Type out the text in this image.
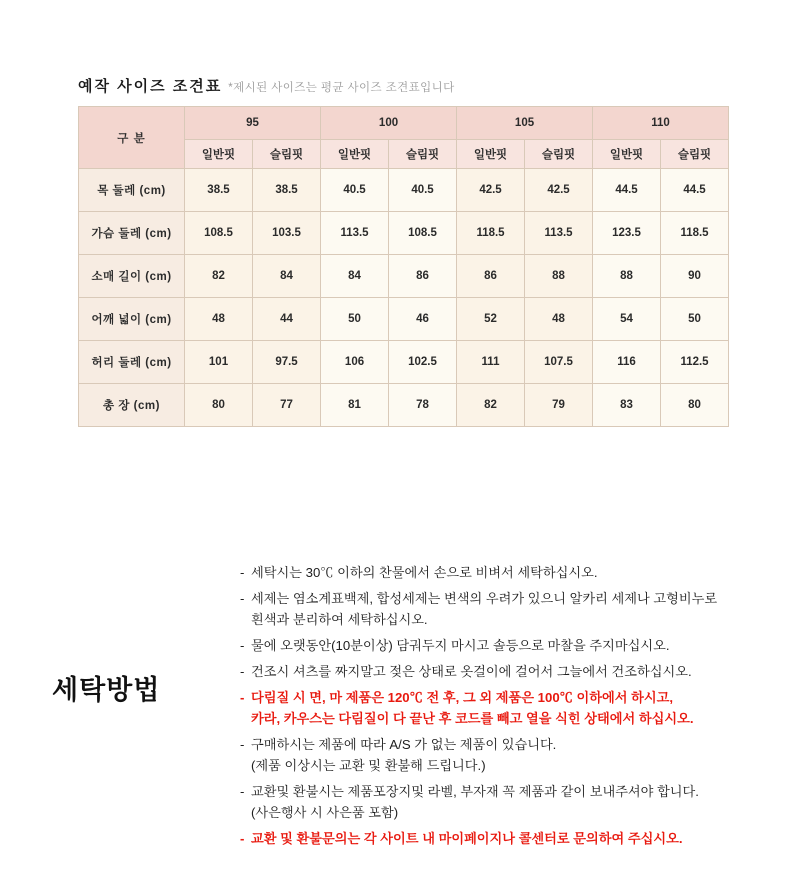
예작 사이즈 조견표 *제시된 사이즈는 평균 사이즈 조견표입니다
구 분	95		100		105		110	
	일반핏	슬림핏	일반핏	슬림핏	일반핏	슬림핏	일반핏	슬림핏
목 둘레 (cm)	38.5	38.5	40.5	40.5	42.5	42.5	44.5	44.5
가슴 둘레 (cm)	108.5	103.5	113.5	108.5	118.5	113.5	123.5	118.5
소매 길이 (cm)	82	84	84	86	86	88	88	90
어깨 넓이 (cm)	48	44	50	46	52	48	54	50
허리 둘레 (cm)	101	97.5	106	102.5	111	107.5	116	112.5
총 장 (cm)	80	77	81	78	82	79	83	80
세탁방법
- 세탁시는 30℃ 이하의 찬물에서 손으로 비벼서 세탁하십시오.
- 세제는 염소계표백제, 합성세제는 변색의 우려가 있으니 알카리 세제나 고형비누로
흰색과 분리하여 세탁하십시오.
- 물에 오랫동안(10분이상) 담궈두지 마시고 솔등으로 마찰을 주지마십시오.
- 건조시 셔츠를 짜지말고 젖은 상태로 옷걸이에 걸어서 그늘에서 건조하십시오.
- 다림질 시 면, 마 제품은 120℃ 전 후, 그 외 제품은 100℃ 이하에서 하시고,
카라, 카우스는 다림질이 다 끝난 후 코드를 빼고 열을 식힌 상태에서 하십시오.
- 구매하시는 제품에 따라 A/S 가 없는 제품이 있습니다.
(제품 이상시는 교환 및 환불해 드립니다.)
- 교환및 환불시는 제품포장지및 라벨, 부자재 꼭 제품과 같이 보내주셔야 합니다.
(사은행사 시 사은품 포함)
- 교환 및 환불문의는 각 사이트 내 마이페이지나 콜센터로 문의하여 주십시오.
